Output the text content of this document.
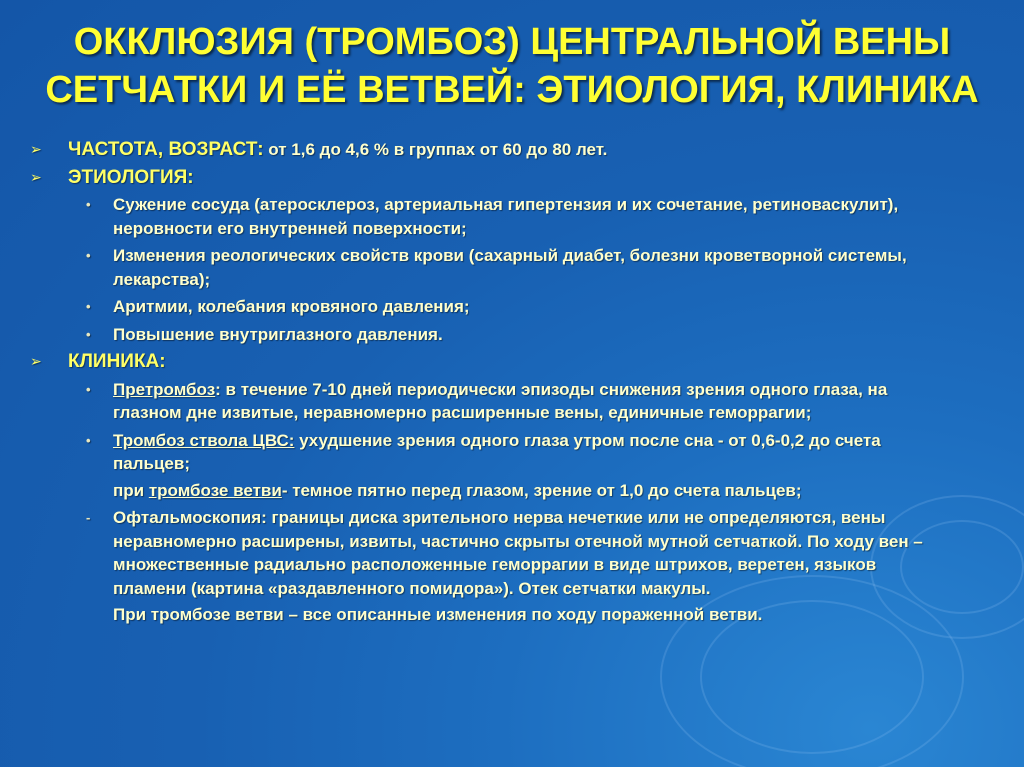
ОККЛЮЗИЯ (ТРОМБОЗ) ЦЕНТРАЛЬНОЙ ВЕНЫ
СЕТЧАТКИ И ЕЁ ВЕТВЕЙ: ЭТИОЛОГИЯ, КЛИНИКА
➢ ЧАСТОТА, ВОЗРАСТ: от 1,6 до 4,6 % в группах от 60 до 80 лет.
➢ ЭТИОЛОГИЯ:
• Сужение сосуда (атеросклероз, артериальная гипертензия и их сочетание, ретиноваскулит), неровности его внутренней поверхности;
• Изменения реологических свойств крови (сахарный диабет, болезни кроветворной системы, лекарства);
• Аритмии, колебания кровяного давления;
• Повышение внутриглазного давления.
➢ КЛИНИКА:
• Претромбоз: в течение 7-10 дней периодически эпизоды снижения зрения одного глаза, на глазном дне извитые, неравномерно расширенные вены, единичные геморрагии;
• Тромбоз ствола ЦВС: ухудшение зрения одного глаза утром после сна - от 0,6-0,2 до счета пальцев;
при тромбозе ветви- темное пятно перед глазом, зрение от 1,0 до счета пальцев;
- Офтальмоскопия: границы диска зрительного нерва нечеткие или не определяются, вены неравномерно расширены, извиты, частично скрыты отечной мутной сетчаткой. По ходу вен – множественные радиально расположенные геморрагии в виде штрихов, веретен, языков пламени (картина «раздавленного помидора»). Отек сетчатки макулы.
При тромбозе ветви – все описанные изменения по ходу пораженной ветви.
